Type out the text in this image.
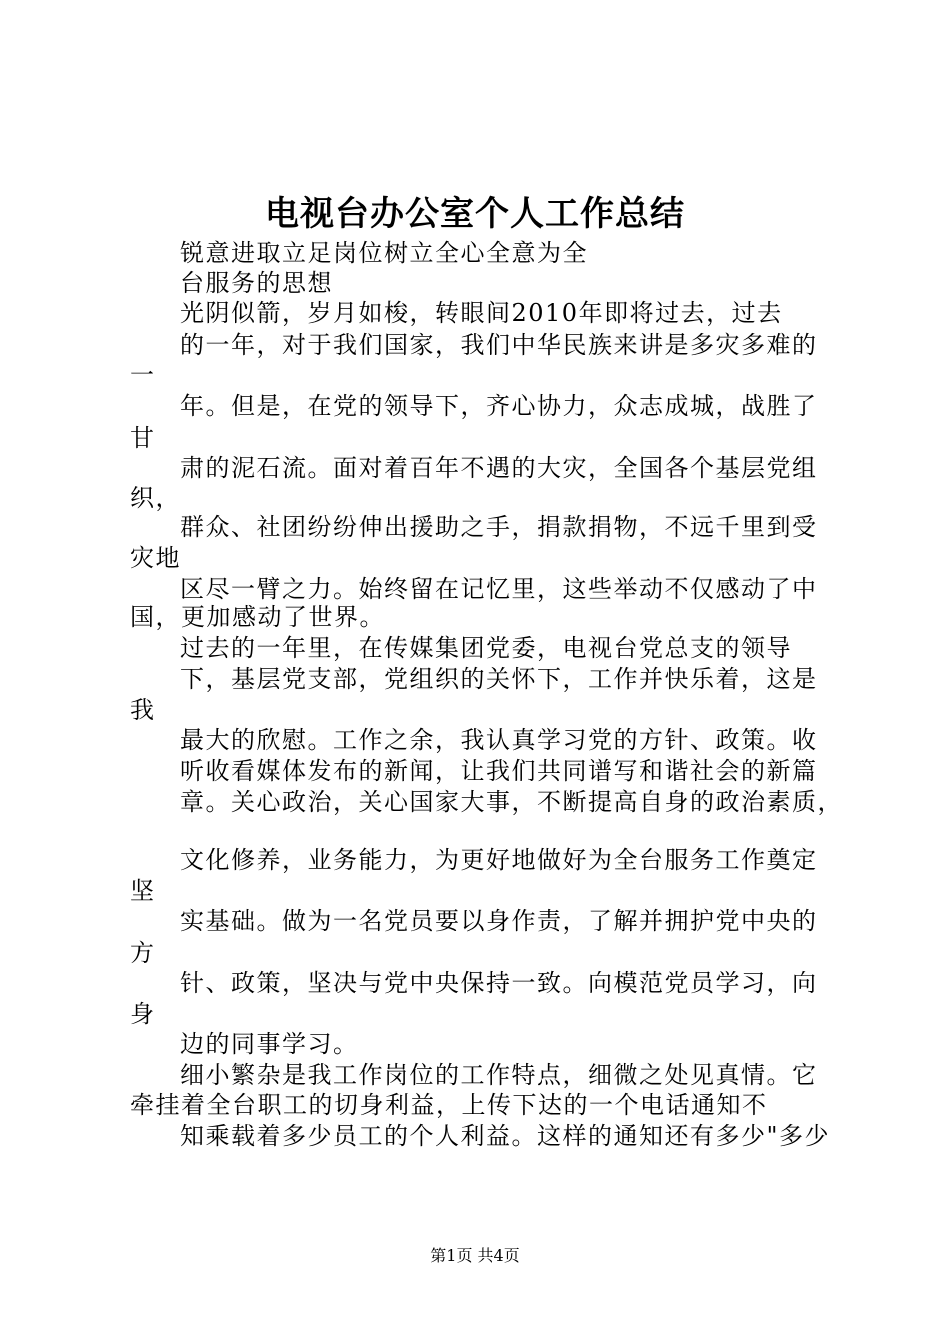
电视台办公室个人工作总结
锐意进取立足岗位树立全心全意为全
台服务的思想
光阴似箭，岁月如梭，转眼间2010年即将过去，过去
的一年，对于我们国家，我们中华民族来讲是多灾多难的
一
年。但是，在党的领导下，齐心协力，众志成城，战胜了
甘
肃的泥石流。面对着百年不遇的大灾，全国各个基层党组
织，
群众、社团纷纷伸出援助之手，捐款捐物，不远千里到受
灾地
区尽一臂之力。始终留在记忆里，这些举动不仅感动了中
国，更加感动了世界。
过去的一年里，在传媒集团党委，电视台党总支的领导
下，基层党支部，党组织的关怀下，工作并快乐着，这是
我
最大的欣慰。工作之余，我认真学习党的方针、政策。收
听收看媒体发布的新闻，让我们共同谱写和谐社会的新篇
章。关心政治，关心国家大事，不断提高自身的政治素质，
文化修养，业务能力，为更好地做好为全台服务工作奠定
坚
实基础。做为一名党员要以身作责，了解并拥护党中央的
方
针、政策，坚决与党中央保持一致。向模范党员学习，向
身
边的同事学习。
细小繁杂是我工作岗位的工作特点，细微之处见真情。它
牵挂着全台职工的切身利益，上传下达的一个电话通知不
知乘载着多少员工的个人利益。这样的通知还有多少"多少
第1页 共4页
